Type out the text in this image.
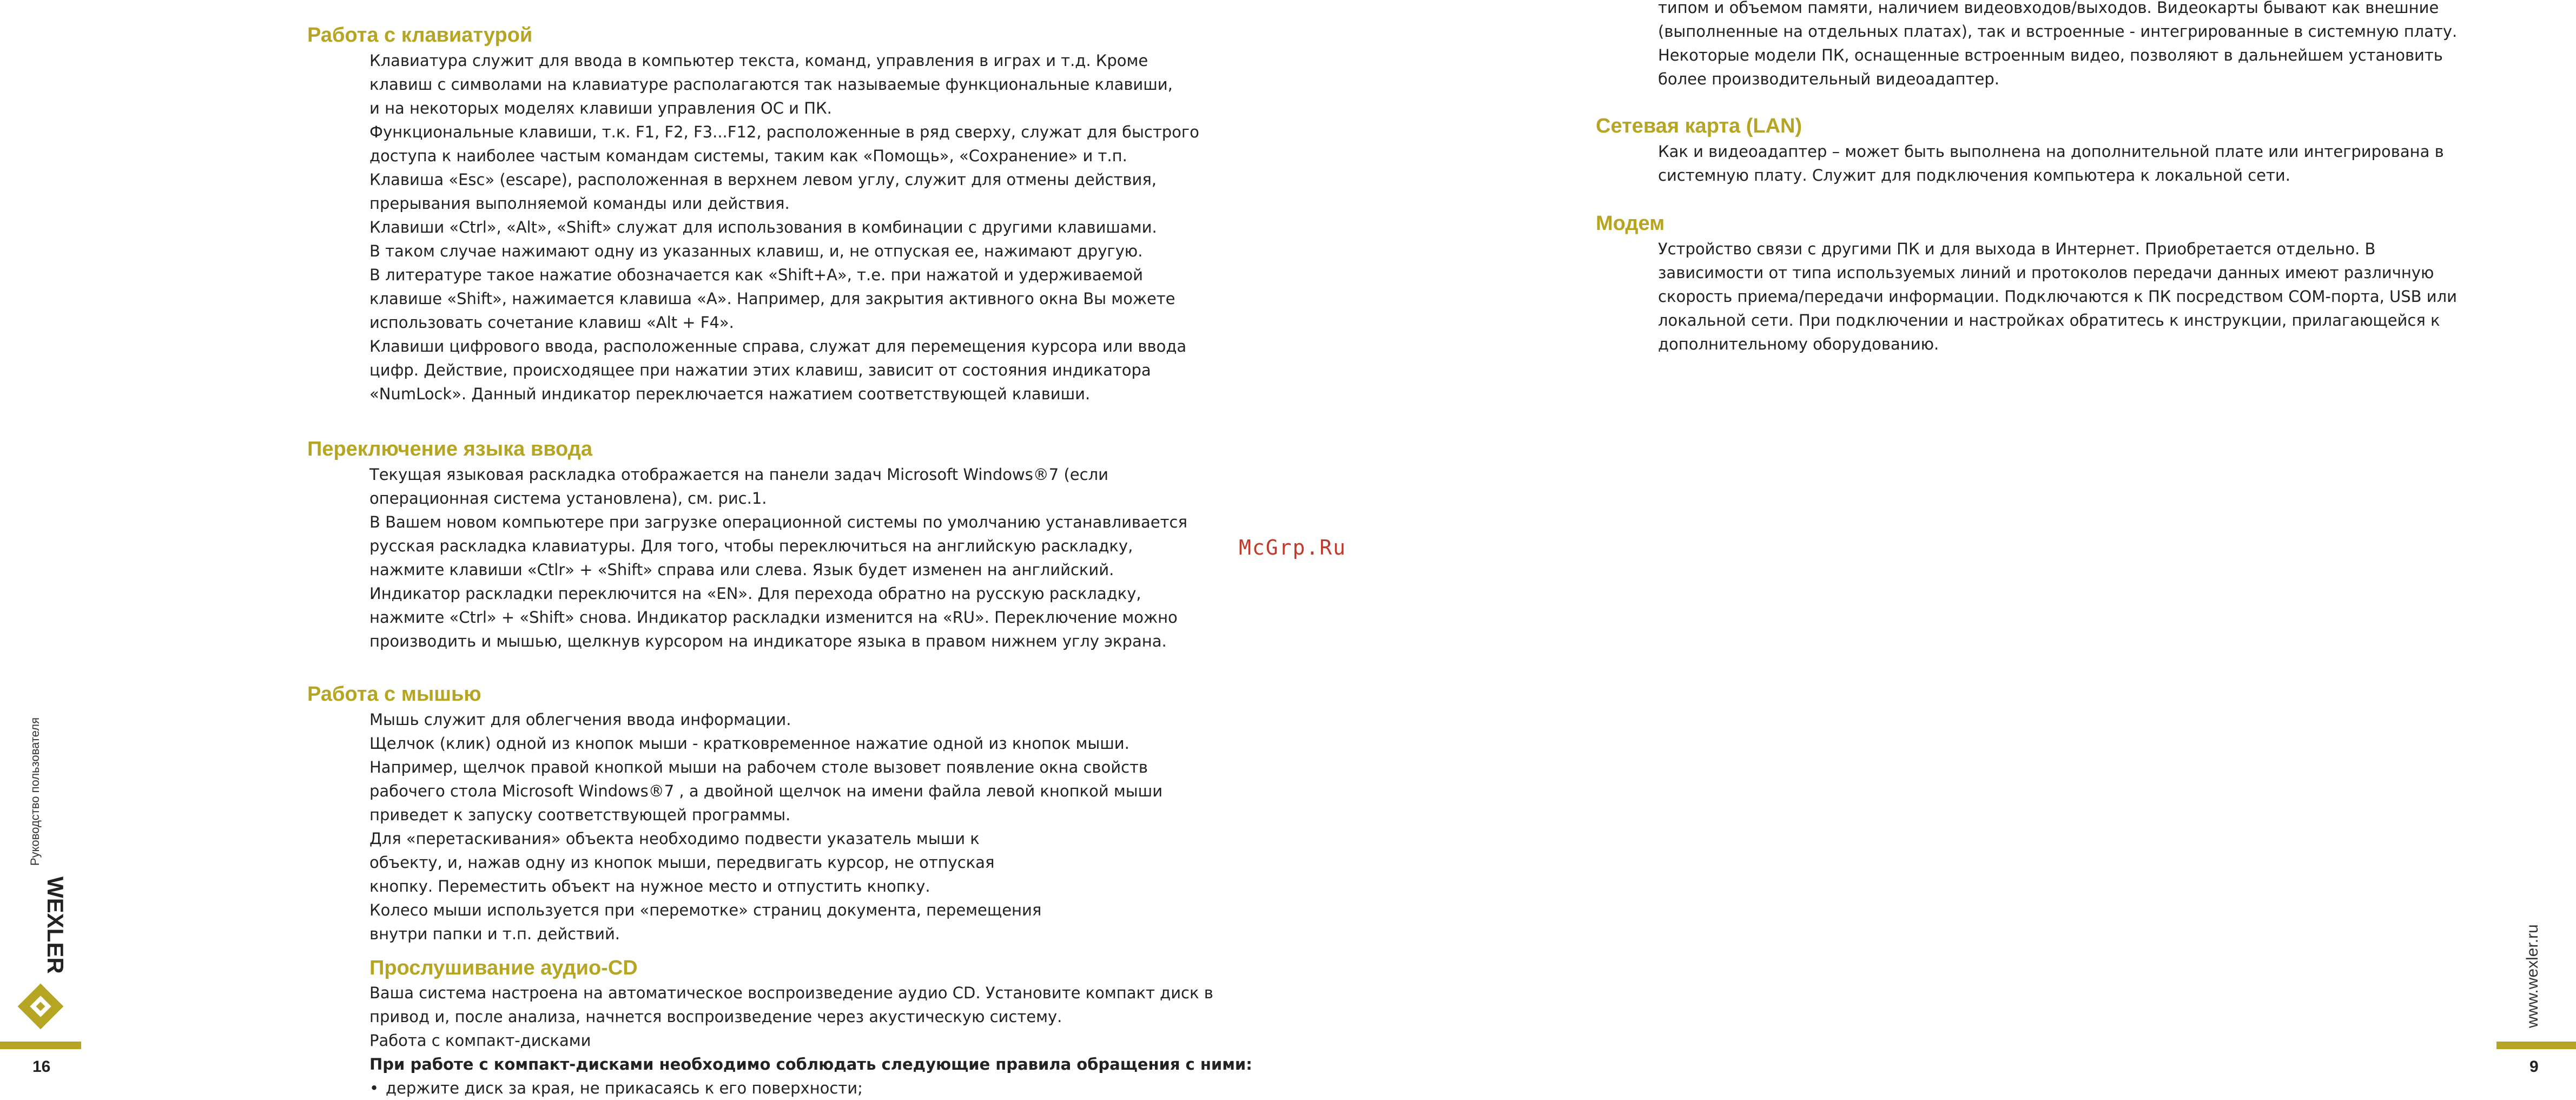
Работа с клавиатурой
Клавиатура служит для ввода в компьютер текста, команд, управления в играх и т.д. Кроме
клавиш с символами на клавиатуре располагаются так называемые функциональные клавиши,
и на некоторых моделях клавиши управления ОС и ПК.
Функциональные клавиши, т.к. F1, F2, F3...F12, расположенные в ряд сверху, служат для быстрого
доступа к наиболее частым командам системы, таким как «Помощь», «Сохранение» и т.п.
Клавиша «Esc» (escape), расположенная в верхнем левом углу, служит для отмены действия,
прерывания выполняемой команды или действия.
Клавиши «Ctrl», «Alt», «Shift» служат для использования в комбинации с другими клавишами.
В таком случае нажимают одну из указанных клавиш, и, не отпуская ее, нажимают другую.
В литературе такое нажатие обозначается как «Shift+A», т.е. при нажатой и удерживаемой
клавише «Shift», нажимается клавиша «A». Например, для закрытия активного окна Вы можете
использовать сочетание клавиш «Alt + F4».
Клавиши цифрового ввода, расположенные справа, служат для перемещения курсора или ввода
цифр. Действие, происходящее при нажатии этих клавиш, зависит от состояния индикатора
«NumLock». Данный индикатор переключается нажатием соответствующей клавиши.
Переключение языка ввода
Текущая языковая раскладка отображается на панели задач Microsoft Windows®7 (если
операционная система установлена), см. рис.1.
В Вашем новом компьютере при загрузке операционной системы по умолчанию устанавливается
русская раскладка клавиатуры. Для того, чтобы переключиться на английскую раскладку,
нажмите клавиши «Ctlr» + «Shift» справа или слева. Язык будет изменен на английский.
Индикатор раскладки переключится на «EN». Для перехода обратно на русскую раскладку,
нажмите «Ctrl» + «Shift» снова. Индикатор раскладки изменится на «RU». Переключение можно
производить и мышью, щелкнув курсором на индикаторе языка в правом нижнем углу экрана.
Работа с мышью
Мышь служит для облегчения ввода информации.
Щелчок (клик) одной из кнопок мыши - кратковременное нажатие одной из кнопок мыши.
Например, щелчок правой кнопкой мыши на рабочем столе вызовет появление окна свойств
рабочего стола Microsoft Windows®7 , а двойной щелчок на имени файла левой кнопкой мыши
приведет к запуску соответствующей программы.
Для «перетаскивания» объекта необходимо подвести указатель мыши к
объекту, и, нажав одну из кнопок мыши, передвигать курсор, не отпуская
кнопку. Переместить объект на нужное место и отпустить кнопку.
Колесо мыши используется при «перемотке» страниц документа, перемещения
внутри папки и т.п. действий.
Прослушивание аудио-CD
Ваша система настроена на автоматическое воспроизведение аудио CD. Установите компакт диск в
привод и, после анализа, начнется воспроизведение через акустическую систему.
Работа с компакт-дисками
При работе с компакт-дисками необходимо соблюдать следующие правила обращения с ними:
• держите диск за края, не прикасаясь к его поверхности;

McGrp.Ru

типом и объемом памяти, наличием видеовходов/выходов. Видеокарты бывают как внешние
(выполненные на отдельных платах), так и встроенные - интегрированные в системную плату.
Некоторые модели ПК, оснащенные встроенным видео, позволяют в дальнейшем установить
более производительный видеоадаптер.
Сетевая карта (LAN)
Как и видеоадаптер – может быть выполнена на дополнительной плате или интегрирована в
системную плату. Служит для подключения компьютера к локальной сети.
Модем
Устройство связи с другими ПК и для выхода в Интернет. Приобретается отдельно. В
зависимости от типа используемых линий и протоколов передачи данных имеют различную
скорость приема/передачи информации. Подключаются к ПК посредством COM-порта, USB или
локальной сети. При подключении и настройках обратитесь к инструкции, прилагающейся к
дополнительному оборудованию.
Руководство пользователя
WEXLER
16
www.wexler.ru
9
